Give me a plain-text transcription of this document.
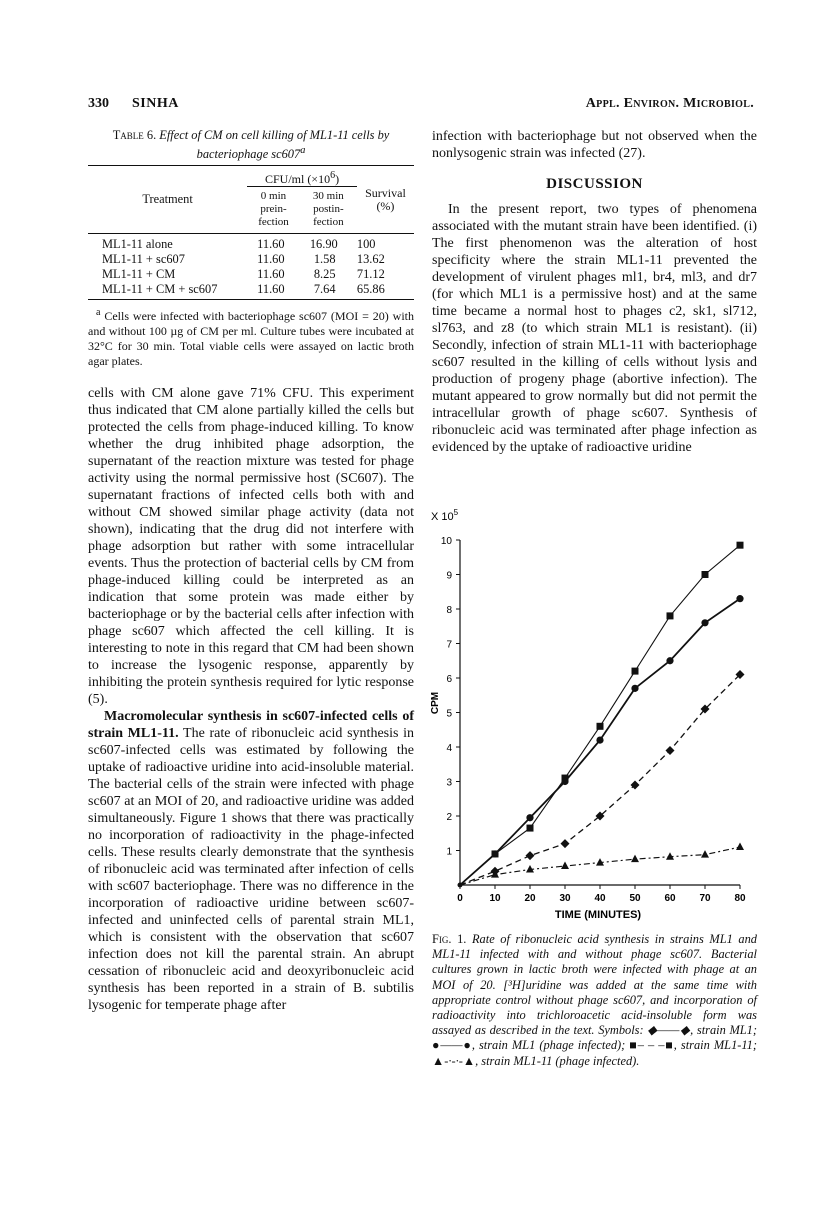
330 SINHA	Appl. Environ. Microbiol.
Table 6. Effect of CM on cell killing of ML1-11 cells by bacteriophage sc607$^a$
Treatment	CFU/ml $(\times 10^6)$		Survival (%)
	0 min prein- fection	30 min postin- fection	
ML1-11 alone	11.60	16.90	100
ML1-11 + sc607	11.60	1.58	13.62
ML1-11 + CM	11.60	8.25	71.12
ML1-11 + CM + sc607	11.60	7.64	65.86

$^a$ Cells were infected with bacteriophage sc607 (MOI = 20) with and without 100 µg of CM per ml. Culture tubes were incubated at 32°C for 30 min. Total viable cells were assayed on lactic broth agar plates.

cells with CM alone gave 71% CFU. This experiment thus indicated that CM alone partially killed the cells but protected the cells from phage-induced killing. To know whether the drug inhibited phage adsorption, the supernatant of the reaction mixture was tested for phage activity using the normal permissive host (SC607). The supernatant fractions of infected cells both with and without CM showed similar phage activity (data not shown), indicating that the drug did not interfere with phage adsorption but rather with some intracellular events. Thus the protection of bacterial cells by CM from phage-induced killing could be interpreted as an indication that some protein was made either by bacteriophage or by the bacterial cells after infection with phage sc607 which affected the cell killing. It is interesting to note in this regard that CM had been shown to increase the lysogenic response, apparently by inhibiting the protein synthesis required for lytic response (5).

Macromolecular synthesis in sc607-infected cells of strain ML1-11. The rate of ribonucleic acid synthesis in sc607-infected cells was estimated by following the uptake of radioactive uridine into acid-insoluble material. The bacterial cells of the strain were infected with phage sc607 at an MOI of 20, and radioactive uridine was added simultaneously. Figure 1 shows that there was practically no incorporation of radioactivity in the phage-infected cells. These results clearly demonstrate that the synthesis of ribonucleic acid was terminated after infection of cells with sc607 bacteriophage. There was no difference in the incorporation of radioactive uridine between sc607-infected and uninfected cells of parental strain ML1, which is consistent with the observation that sc607 infection does not kill the parental strain. An abrupt cessation of ribonucleic acid and deoxyribonucleic acid synthesis has been reported in a strain of B. subtilis lysogenic for temperate phage after

infection with bacteriophage but not observed when the nonlysogenic strain was infected (27).

DISCUSSION

In the present report, two types of phenomena associated with the mutant strain have been identified. (i) The first phenomenon was the alteration of host specificity where the strain ML1-11 prevented the development of virulent phages ml1, br4, ml3, and dr7 (for which ML1 is a permissive host) and at the same time became a normal host to phages c2, sk1, sl712, sl763, and z8 (to which strain ML1 is resistant). (ii) Secondly, infection of strain ML1-11 with bacteriophage sc607 resulted in the killing of cells without lysis and production of progeny phage (abortive infection). The mutant appeared to grow normally but did not permit the intracellular growth of phage sc607. Synthesis of ribonucleic acid was terminated after phage infection as evidenced by the uptake of radioactive uridine

X $10^5$
CPM
TIME (MINUTES)
0	10 20 30 40 50 60 70 80
1
2
3
4
5
6
7
8
9
10

Fig. 1. Rate of ribonucleic acid synthesis in strains ML1 and ML1-11 infected with and without phage sc607. Bacterial cultures grown in lactic broth were infected with phage at an MOI of 20. [³H]uridine was added at the same time with appropriate control without phage sc607, and incorporation of radioactivity into trichloroacetic acid-insoluble form was assayed as described in the text. Symbols: ◆——◆, strain ML1; ●——●, strain ML1 (phage infected); ■– – –■, strain ML1-11; ▲-·-·-▲, strain ML1-11 (phage infected).
